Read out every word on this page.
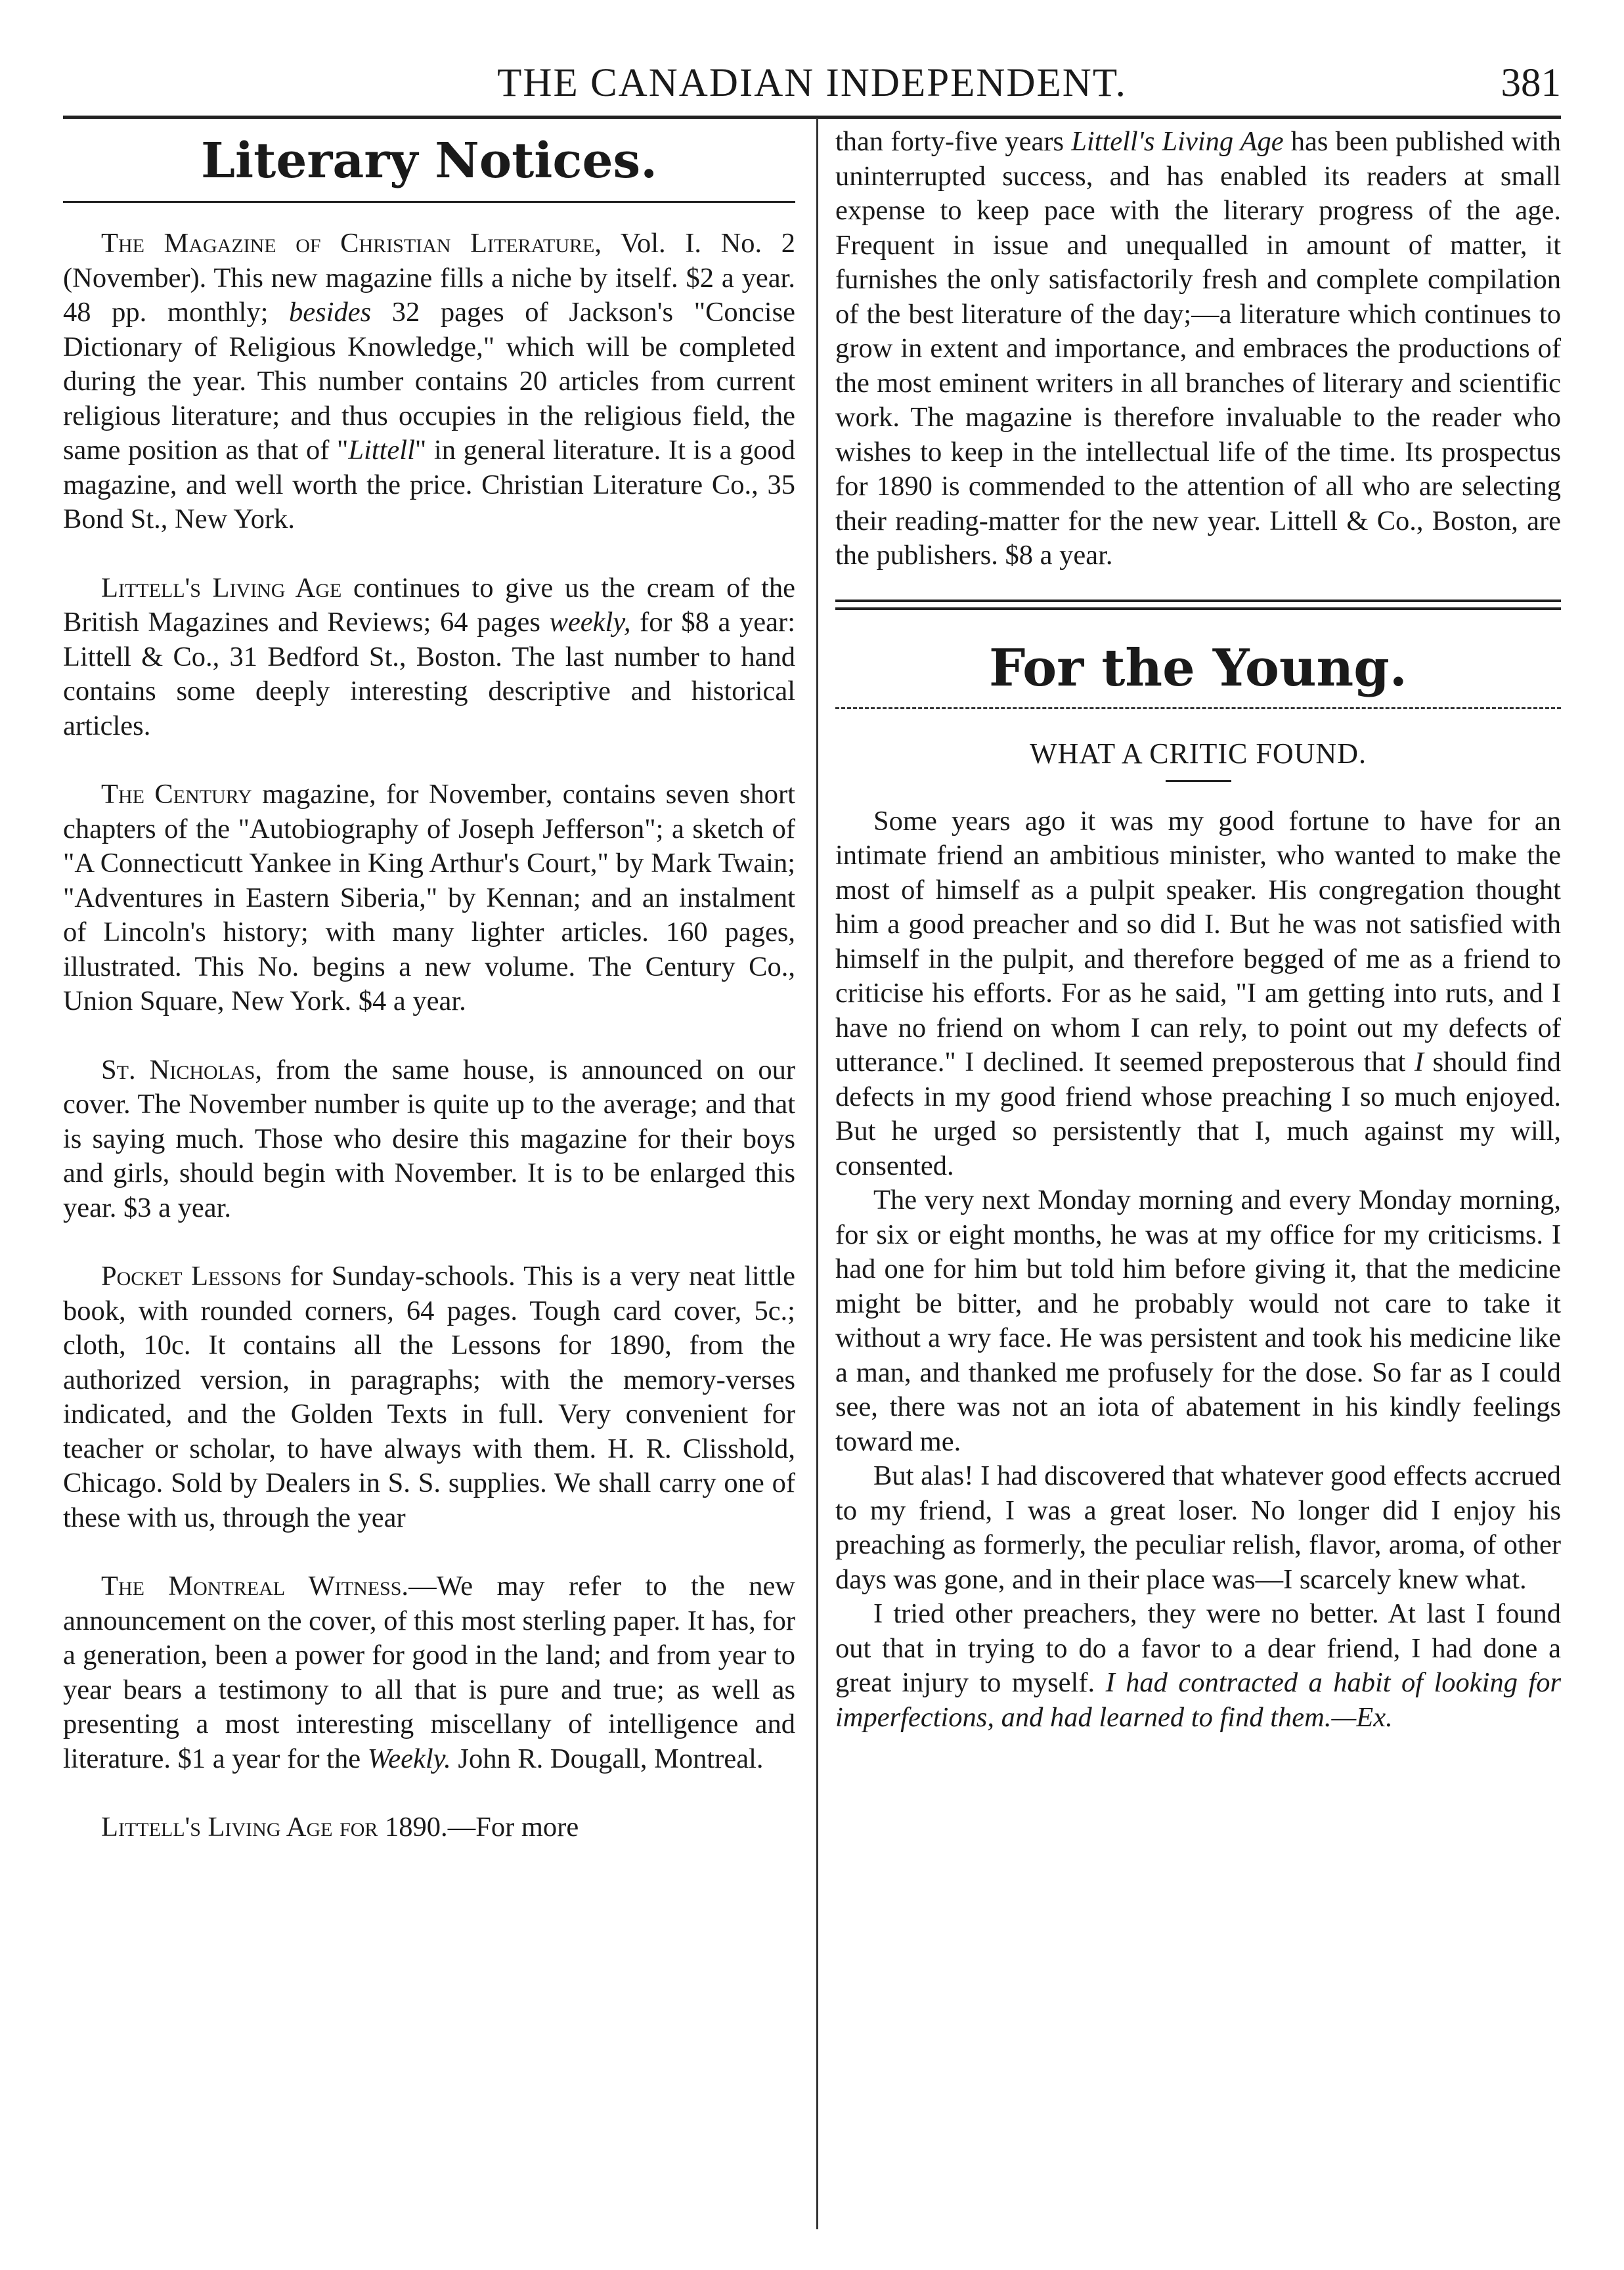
THE CANADIAN INDEPENDENT.	381
Literary Notices.

The Magazine of Christian Literature, Vol. I. No. 2 (November). This new magazine fills a niche by itself. $2 a year. 48 pp. monthly; besides 32 pages of Jackson's "Concise Dictionary of Religious Knowledge," which will be completed during the year. This number contains 20 articles from current religious literature; and thus occupies in the religious field, the same position as that of "Littell" in general literature. It is a good magazine, and well worth the price. Christian Literature Co., 35 Bond St., New York.

Littell's Living Age continues to give us the cream of the British Magazines and Reviews; 64 pages weekly, for $8 a year: Littell & Co., 31 Bedford St., Boston. The last number to hand contains some deeply interesting descriptive and historical articles.

The Century magazine, for November, contains seven short chapters of the "Autobiography of Joseph Jefferson"; a sketch of "A Connecticutt Yankee in King Arthur's Court," by Mark Twain; "Adventures in Eastern Siberia," by Kennan; and an instalment of Lincoln's history; with many lighter articles. 160 pages, illustrated. This No. begins a new volume. The Century Co., Union Square, New York. $4 a year.

St. Nicholas, from the same house, is announced on our cover. The November number is quite up to the average; and that is saying much. Those who desire this magazine for their boys and girls, should begin with November. It is to be enlarged this year. $3 a year.

Pocket Lessons for Sunday-schools. This is a very neat little book, with rounded corners, 64 pages. Tough card cover, 5c.; cloth, 10c. It contains all the Lessons for 1890, from the authorized version, in paragraphs; with the memory-verses indicated, and the Golden Texts in full. Very convenient for teacher or scholar, to have always with them. H. R. Clisshold, Chicago. Sold by Dealers in S. S. supplies. We shall carry one of these with us, through the year

The Montreal Witness.—We may refer to the new announcement on the cover, of this most sterling paper. It has, for a generation, been a power for good in the land; and from year to year bears a testimony to all that is pure and true; as well as presenting a most interesting miscellany of intelligence and literature. $1 a year for the Weekly. John R. Dougall, Montreal.

Littell's Living Age for 1890.—For more

than forty-five years Littell's Living Age has been published with uninterrupted success, and has enabled its readers at small expense to keep pace with the literary progress of the age. Frequent in issue and unequalled in amount of matter, it furnishes the only satisfactorily fresh and complete compilation of the best literature of the day;—a literature which continues to grow in extent and importance, and embraces the productions of the most eminent writers in all branches of literary and scientific work. The magazine is therefore invaluable to the reader who wishes to keep in the intellectual life of the time. Its prospectus for 1890 is commended to the attention of all who are selecting their reading-matter for the new year. Littell & Co., Boston, are the publishers. $8 a year.

For the Young.
WHAT A CRITIC FOUND.

Some years ago it was my good fortune to have for an intimate friend an ambitious minister, who wanted to make the most of himself as a pulpit speaker. His congregation thought him a good preacher and so did I. But he was not satisfied with himself in the pulpit, and therefore begged of me as a friend to criticise his efforts. For as he said, "I am getting into ruts, and I have no friend on whom I can rely, to point out my defects of utterance." I declined. It seemed preposterous that I should find defects in my good friend whose preaching I so much enjoyed. But he urged so persistently that I, much against my will, consented.

The very next Monday morning and every Monday morning, for six or eight months, he was at my office for my criticisms. I had one for him but told him before giving it, that the medicine might be bitter, and he probably would not care to take it without a wry face. He was persistent and took his medicine like a man, and thanked me profusely for the dose. So far as I could see, there was not an iota of abatement in his kindly feelings toward me.

But alas! I had discovered that whatever good effects accrued to my friend, I was a great loser. No longer did I enjoy his preaching as formerly, the peculiar relish, flavor, aroma, of other days was gone, and in their place was—I scarcely knew what.

I tried other preachers, they were no better. At last I found out that in trying to do a favor to a dear friend, I had done a great injury to myself. I had contracted a habit of looking for imperfections, and had learned to find them.—Ex.
